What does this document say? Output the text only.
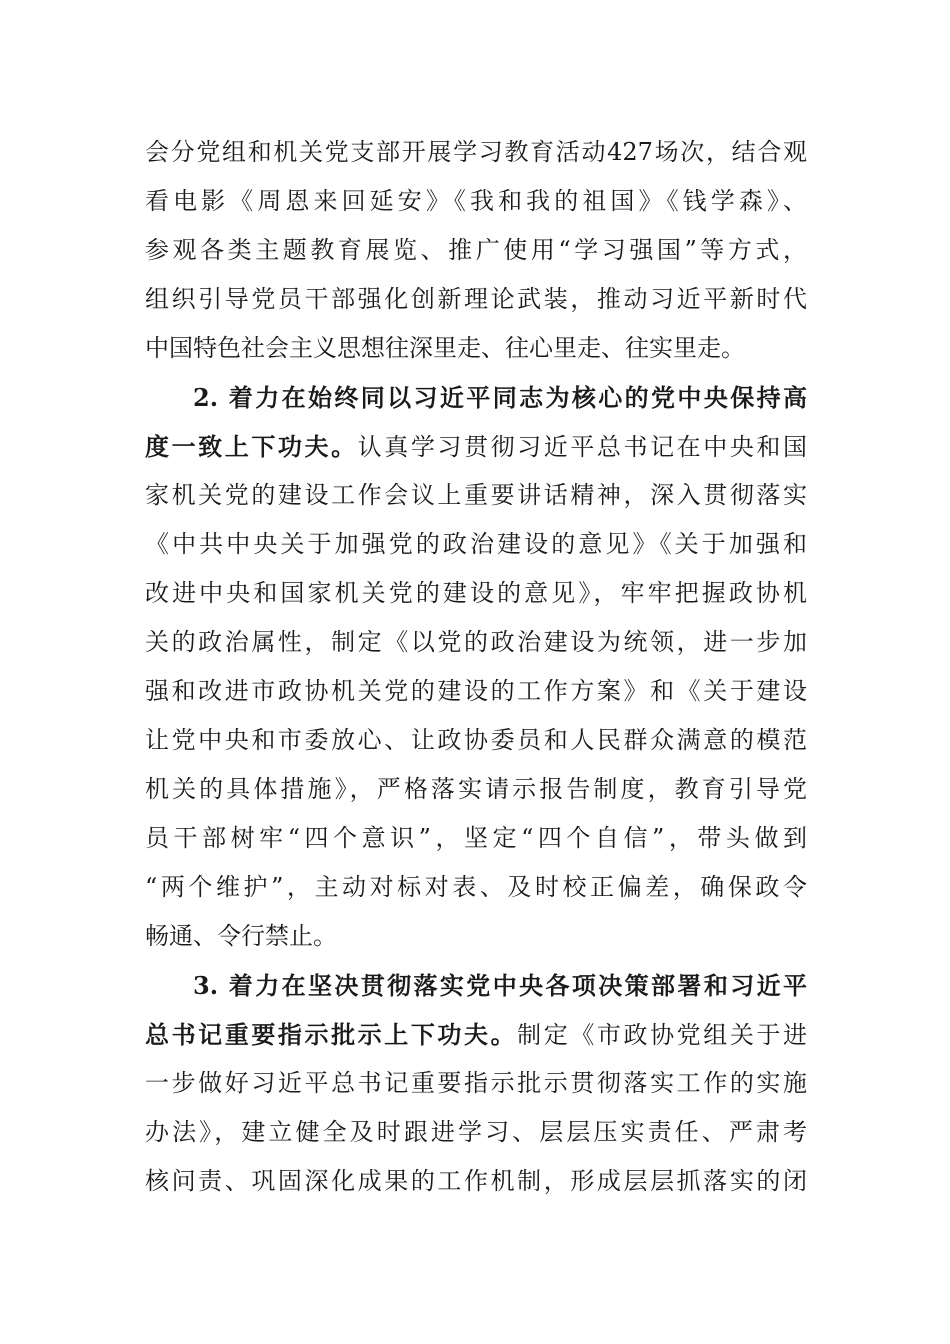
会分党组和机关党支部开展学习教育活动427场次，结合观
看电影《周恩来回延安》《我和我的祖国》《钱学森》、
参观各类主题教育展览、推广使用“学习强国”等方式，
组织引导党员干部强化创新理论武装，推动习近平新时代
中国特色社会主义思想往深里走、往心里走、往实里走。
2. 着力在始终同以习近平同志为核心的党中央保持高
度一致上下功夫。认真学习贯彻习近平总书记在中央和国
家机关党的建设工作会议上重要讲话精神，深入贯彻落实
《中共中央关于加强党的政治建设的意见》《关于加强和
改进中央和国家机关党的建设的意见》，牢牢把握政协机
关的政治属性，制定《以党的政治建设为统领，进一步加
强和改进市政协机关党的建设的工作方案》和《关于建设
让党中央和市委放心、让政协委员和人民群众满意的模范
机关的具体措施》，严格落实请示报告制度，教育引导党
员干部树牢“四个意识”，坚定“四个自信”，带头做到
“两个维护”，主动对标对表、及时校正偏差，确保政令
畅通、令行禁止。
3. 着力在坚决贯彻落实党中央各项决策部署和习近平
总书记重要指示批示上下功夫。制定《市政协党组关于进
一步做好习近平总书记重要指示批示贯彻落实工作的实施
办法》，建立健全及时跟进学习、层层压实责任、严肃考
核问责、巩固深化成果的工作机制，形成层层抓落实的闭
